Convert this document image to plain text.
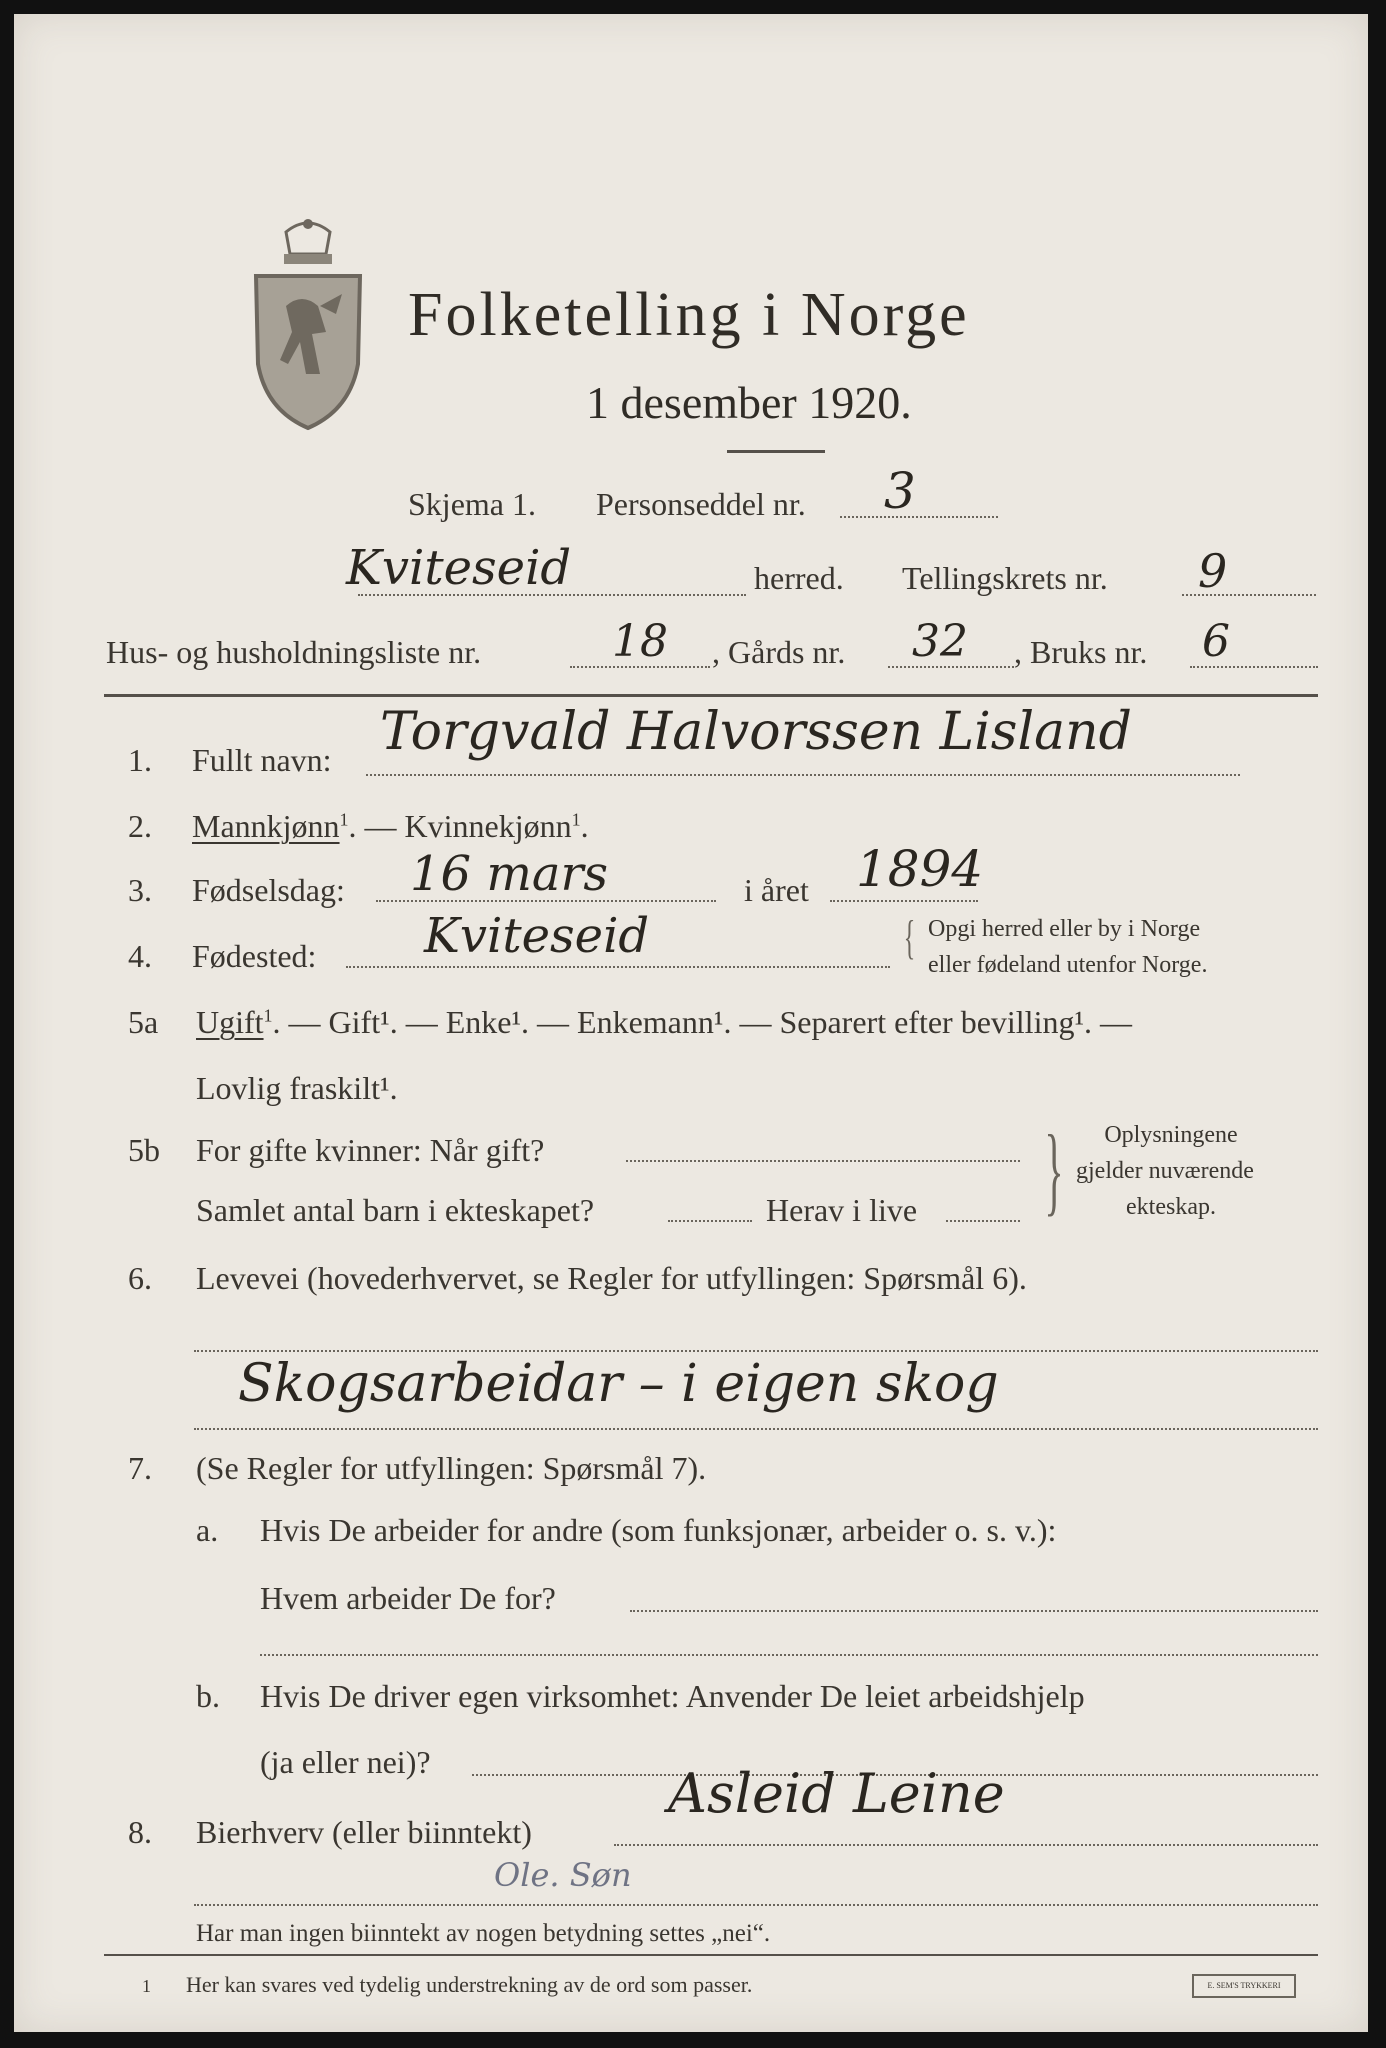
Folketelling i Norge
1 desember 1920.
Skjema 1. Personseddel nr. 3
Kviteseid	herred. Tellingskrets nr. 9
Hus- og husholdningsliste nr.	18 , Gårds nr. 32 , Bruks nr. 6
1. Fullt navn: Torgvald Halvorssen Lisland
2. Mannkjønn$^1$. — Kvinnekjønn$^1$.
3. Fødselsdag: 16 mars	i året 1894
4. Fødested: Kviteseid	{ Opgi herred eller by i Norge
eller fødeland utenfor Norge.
5a Ugift$^1$. — Gift¹. — Enke¹. — Enkemann¹. — Separert efter bevilling¹. —
Lovlig fraskilt¹.
5b For gifte kvinner: Når gift?
Samlet antal barn i ekteskapet?	Herav i live }	Oplysningene
gjelder nuværende
ekteskap.
6. Levevei (hovederhvervet, se Regler for utfyllingen: Spørsmål 6).
Skogsarbeidar – i eigen skog
7. (Se Regler for utfyllingen: Spørsmål 7).
a. Hvis De arbeider for andre (som funksjonær, arbeider o. s. v.):
Hvem arbeider De for?
b. Hvis De driver egen virksomhet: Anvender De leiet arbeidshjelp
(ja eller nei)?
8. Bierhverv (eller biinntekt)
Asleid Leine
Ole. Søn
Har man ingen biinntekt av nogen betydning settes „nei“.
1 Her kan svares ved tydelig understrekning av de ord som passer.	E. SEM'S TRYKKERI
